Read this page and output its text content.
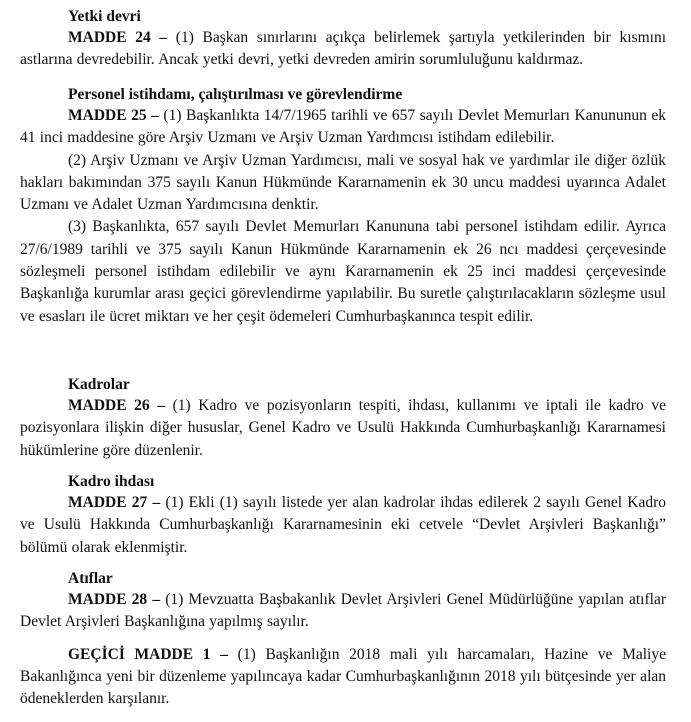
Yetki devri

MADDE 24 – (1) Başkan sınırlarını açıkça belirlemek şartıyla yetkilerinden bir kısmını astlarına devredebilir. Ancak yetki devri, yetki devreden amirin sorumluluğunu kaldırmaz.

Personel istihdamı, çalıştırılması ve görevlendirme

MADDE 25 – (1) Başkanlıkta 14/7/1965 tarihli ve 657 sayılı Devlet Memurları Kanununun ek 41 inci maddesine göre Arşiv Uzmanı ve Arşiv Uzman Yardımcısı istihdam edilebilir.

(2) Arşiv Uzmanı ve Arşiv Uzman Yardımcısı, mali ve sosyal hak ve yardımlar ile diğer özlük hakları bakımından 375 sayılı Kanun Hükmünde Kararnamenin ek 30 uncu maddesi uyarınca Adalet Uzmanı ve Adalet Uzman Yardımcısına denktir.

(3) Başkanlıkta, 657 sayılı Devlet Memurları Kanununa tabi personel istihdam edilir. Ayrıca 27/6/1989 tarihli ve 375 sayılı Kanun Hükmünde Kararnamenin ek 26 ncı maddesi çerçevesinde sözleşmeli personel istihdam edilebilir ve aynı Kararnamenin ek 25 inci maddesi çerçevesinde Başkanlığa kurumlar arası geçici görevlendirme yapılabilir. Bu suretle çalıştırılacakların sözleşme usul ve esasları ile ücret miktarı ve her çeşit ödemeleri Cumhurbaşkanınca tespit edilir.

Kadrolar

MADDE 26 – (1) Kadro ve pozisyonların tespiti, ihdası, kullanımı ve iptali ile kadro ve pozisyonlara ilişkin diğer hususlar, Genel Kadro ve Usulü Hakkında Cumhurbaşkanlığı Kararnamesi hükümlerine göre düzenlenir.

Kadro ihdası

MADDE 27 – (1) Ekli (1) sayılı listede yer alan kadrolar ihdas edilerek 2 sayılı Genel Kadro ve Usulü Hakkında Cumhurbaşkanlığı Kararnamesinin eki cetvele “Devlet Arşivleri Başkanlığı” bölümü olarak eklenmiştir.

Atıflar

MADDE 28 – (1) Mevzuatta Başbakanlık Devlet Arşivleri Genel Müdürlüğüne yapılan atıflar Devlet Arşivleri Başkanlığına yapılmış sayılır.

GEÇİCİ MADDE 1 – (1) Başkanlığın 2018 mali yılı harcamaları, Hazine ve Maliye Bakanlığınca yeni bir düzenleme yapılıncaya kadar Cumhurbaşkanlığının 2018 yılı bütçesinde yer alan ödeneklerden karşılanır.
